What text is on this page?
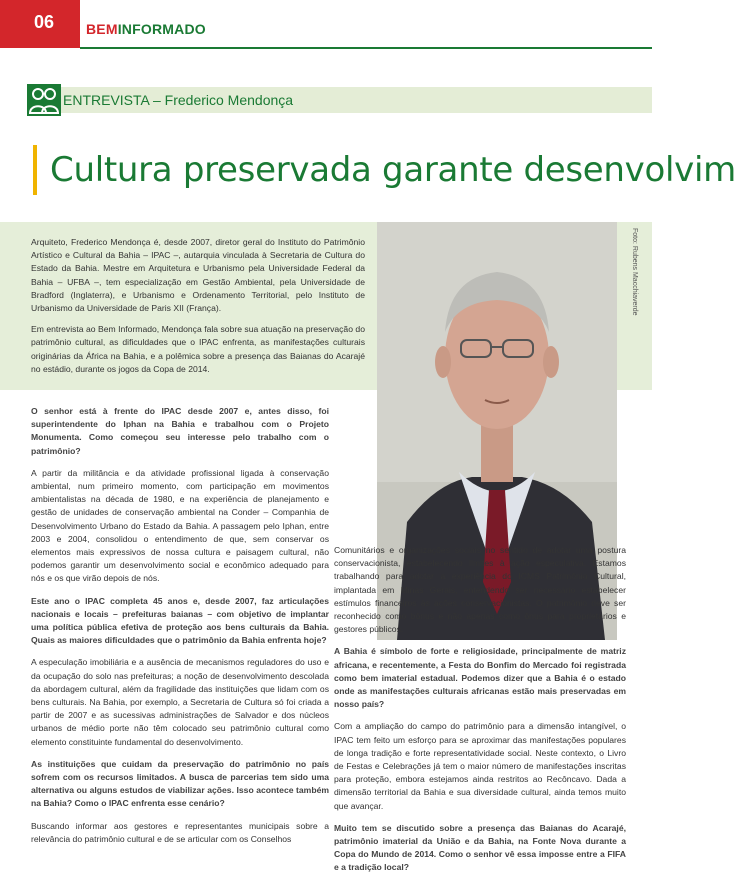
06	BEMINFORMADO
ENTREVISTA – Frederico Mendonça
Cultura preservada garante desenvolvim

Arquiteto, Frederico Mendonça é, desde 2007, diretor geral do Instituto do Patrimônio Artístico e Cultural da Bahia – IPAC –, autarquia vinculada à Secretaria de Cultura do Estado da Bahia. Mestre em Arquitetura e Urbanismo pela Universidade Federal da Bahia – UFBA –, tem especialização em Gestão Ambiental, pela Universidade de Bradford (Inglaterra), e Urbanismo e Ordenamento Territorial, pelo Instituto de Urbanismo da Universidade de Paris XII (França).

Em entrevista ao Bem Informado, Mendonça fala sobre sua atuação na preservação do patrimônio cultural, as dificuldades que o IPAC enfrenta, as manifestações culturais originárias da África na Bahia, e a polêmica sobre a presença das Baianas do Acarajé no estádio, durante os jogos da Copa de 2014.

Foto: Rubens Macchiaverde

O senhor está à frente do IPAC desde 2007 e, antes disso, foi superintendente do Iphan na Bahia e trabalhou com o Projeto Monumenta. Como começou seu interesse pelo trabalho com o patrimônio?

A partir da militância e da atividade profissional ligada à conservação ambiental, num primeiro momento, com participação em movimentos ambientalistas na década de 1980, e na experiência de planejamento e gestão de unidades de conservação ambiental na Conder – Companhia de Desenvolvimento Urbano do Estado da Bahia. A passagem pelo Iphan, entre 2003 e 2004, consolidou o entendimento de que, sem conservar os elementos mais expressivos de nossa cultura e paisagem cultural, não podemos garantir um desenvolvimento social e econômico adequado para nós e os que virão depois de nós.

Este ano o IPAC completa 45 anos e, desde 2007, faz articulações nacionais e locais – prefeituras baianas – com objetivo de implantar uma política pública efetiva de proteção aos bens culturais da Bahia. Quais as maiores dificuldades que o patrimônio da Bahia enfrenta hoje?

A especulação imobiliária e a ausência de mecanismos reguladores do uso e da ocupação do solo nas prefeituras; a noção de desenvolvimento descolada da abordagem cultural, além da fragilidade das instituições que lidam com os bens culturais. Na Bahia, por exemplo, a Secretaria de Cultura só foi criada a partir de 2007 e as sucessivas administrações de Salvador e dos núcleos urbanos de médio porte não têm colocado seu patrimônio cultural como elemento constituinte fundamental do desenvolvimento.

As instituições que cuidam da preservação do patrimônio no país sofrem com os recursos limitados. A busca de parcerias tem sido uma alternativa ou alguns estudos de viabilizar ações. Isso acontece também na Bahia? Como o IPAC enfrenta esse cenário?

Buscando informar aos gestores e representantes municipais sobre a relevância do patrimônio cultural e de se articular com os Conselhos

Comunitários e organizações sociais no sentido de adotar uma postura conservacionista, estabelecendo limites à ação especulativa. Estamos trabalhando para adotar a experiência do ICMS Patrimônio Cultural, implantada em Minas Gerais, entendendo ser necessário estabelecer estímulos financeiros às ações conservacionistas. O patrimônio deve ser reconhecido como bônus e não apenas como ônus para proprietários e gestores públicos.

A Bahia é símbolo de forte e religiosidade, principalmente de matriz africana, e recentemente, a Festa do Bonfim do Mercado foi registrada como bem imaterial estadual. Podemos dizer que a Bahia é o estado onde as manifestações culturais africanas estão mais preservadas em nosso país?

Com a ampliação do campo do patrimônio para a dimensão intangível, o IPAC tem feito um esforço para se aproximar das manifestações populares de longa tradição e forte representatividade social. Neste contexto, o Livro de Festas e Celebrações já tem o maior número de manifestações inscritas para proteção, embora estejamos ainda restritos ao Recôncavo. Dada a dimensão territorial da Bahia e sua diversidade cultural, ainda temos muito que avançar.

Muito tem se discutido sobre a presença das Baianas do Acarajé, patrimônio imaterial da União e da Bahia, na Fonte Nova durante a Copa do Mundo de 2014. Como o senhor vê essa imposse entre a FIFA e a tradição local?
